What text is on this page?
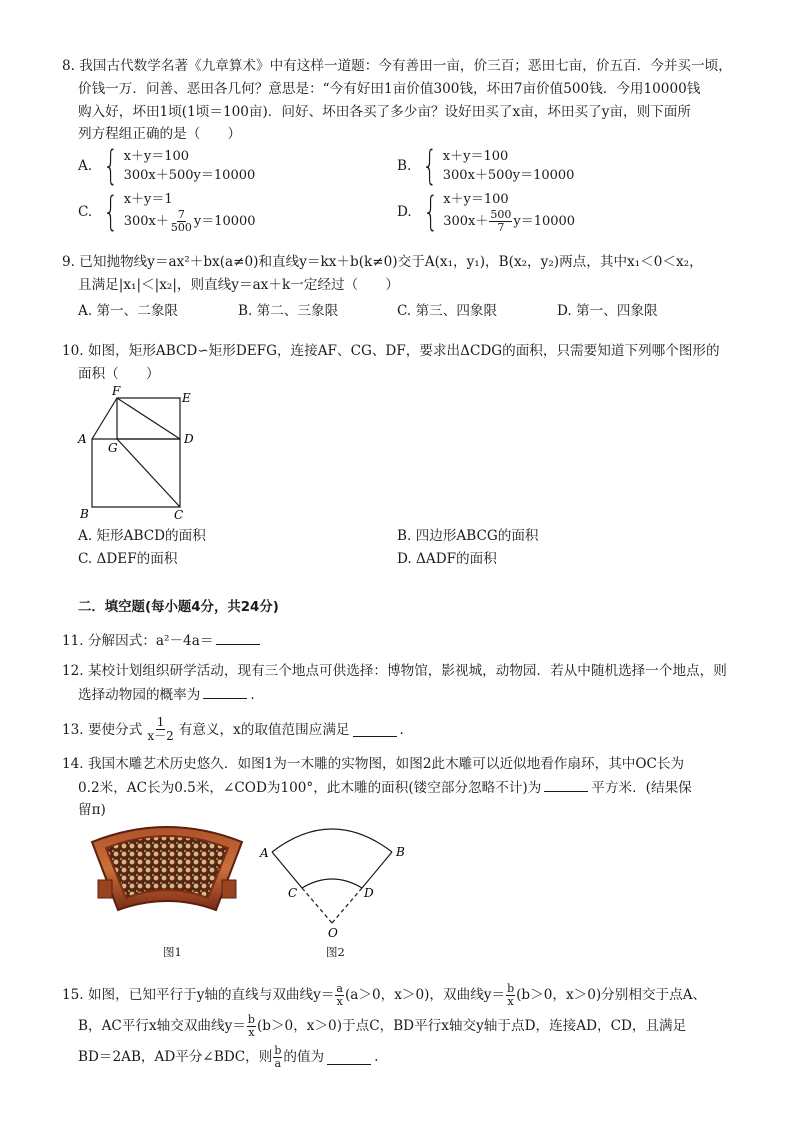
8. 我国古代数学名著《九章算术》中有这样一道题：今有善田一亩，价三百；恶田七亩，价五百．今并买一顷，
价钱一万．问善、恶田各几何？意思是：“今有好田1亩价值300钱，坏田7亩价值500钱．今用10000钱
购入好，坏田1顷(1顷＝100亩)．问好、坏田各买了多少亩？设好田买了x亩，坏田买了y亩，则下面所
列方程组正确的是（　　）
A. { x＋y＝100
300x＋500y＝10000
B. { x＋y＝100
300x＋500y＝10000
C. { x＋y＝1
$300x+ \frac{7}{500} y=10000$
D. { x＋y＝100
$300x+ \frac{500}{7} y=10000$
9. 已知抛物线y＝ax²＋bx(a≠0)和直线y＝kx＋b(k≠0)交于A(x₁，y₁)，B(x₂，y₂)两点，其中x₁＜0＜x₂，
且满足|x₁|＜|x₂|，则直线y＝ax＋k一定经过（　　）
A. 第一、二象限	B. 第二、三象限	C. 第三、四象限	D. 第一、四象限
10. 如图，矩形ABCD∽矩形DEFG，连接AF、CG、DF，要求出ΔCDG的面积，只需要知道下列哪个图形的
面积（　　）
F	E
A	D
G
B	C
A. 矩形ABCD的面积	B. 四边形ABCG的面积
C. ΔDEF的面积	D. ΔADF的面积
二．填空题(每小题4分，共24分)
11. 分解因式：a²－4a＝
12. 某校计划组织研学活动，现有三个地点可供选择：博物馆，影视城，动物园．若从中随机选择一个地点，则
选择动物园的概率为	.
13. 要使分式 $\frac{1}{x-2}$ 有意义，x的取值范围应满足	.
14. 我国木雕艺术历史悠久．如图1为一木雕的实物图，如图2此木雕可以近似地看作扇环，其中OC长为
0.2米，AC长为0.5米，∠COD为100°，此木雕的面积(镂空部分忽略不计)为	平方米．(结果保
留π)
图1
A	B
C	D
O
图2
15. 如图，已知平行于y轴的直线与双曲线$y= \frac{a}{x} (a>0$，x＞0)，双曲线$y= \frac{b}{x} (b>0$，x＞0)分别相交于点A、
B，AC平行x轴交双曲线$y= \frac{b}{x} (b>0$，x＞0)于点C，BD平行x轴交y轴于点D，连接AD，CD，且满足
BD＝2AB，AD平分∠BDC，则 $\frac{b}{a}$ 的值为	.
